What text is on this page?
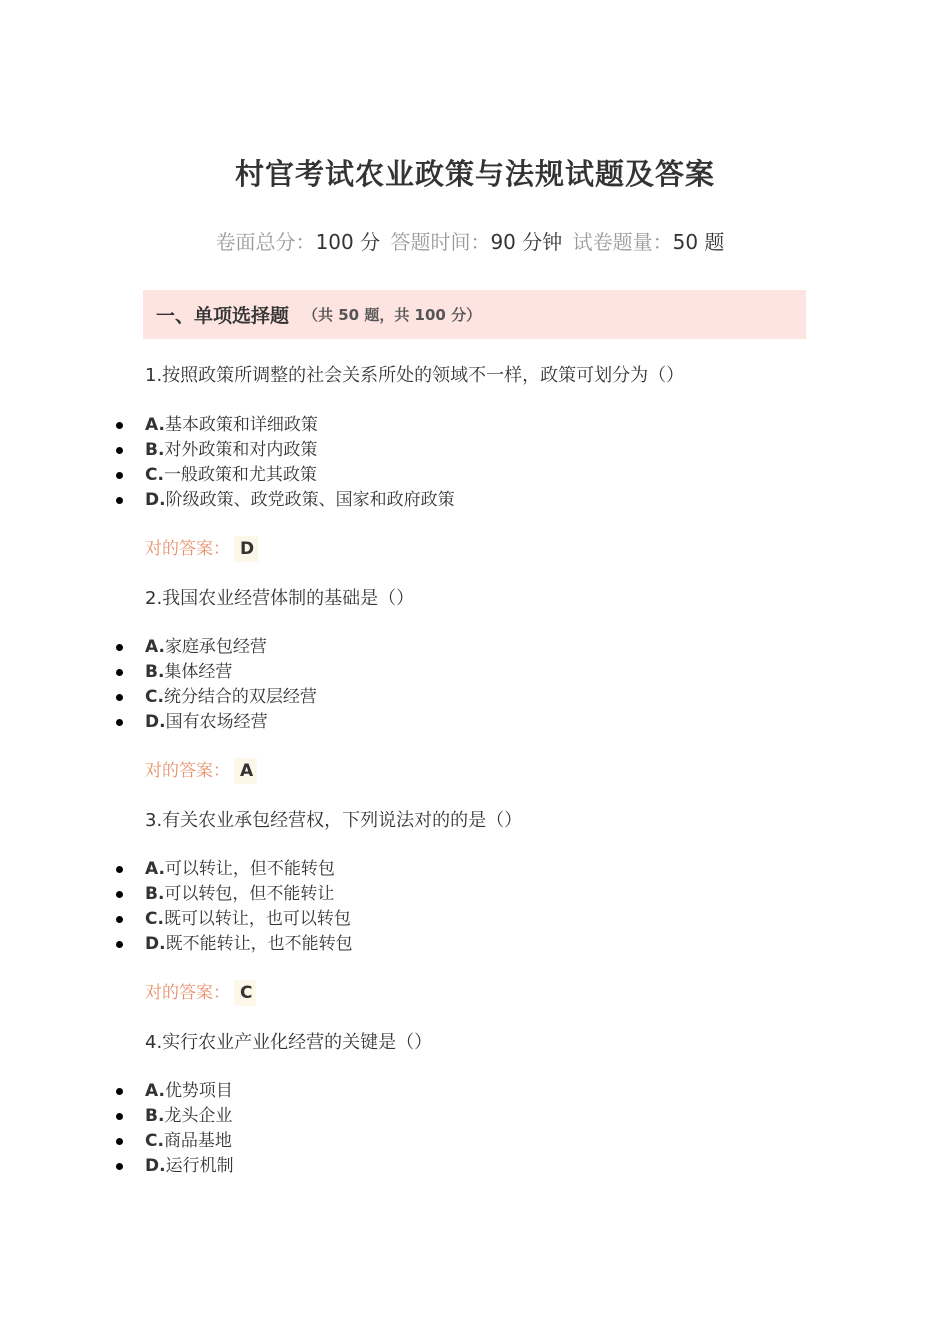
村官考试农业政策与法规试题及答案
卷面总分：100 分 答题时间：90 分钟 试卷题量：50 题
一、单项选择题 （共 50 题，共 100 分）
1.按照政策所调整的社会关系所处的领域不一样，政策可划分为（）
A.基本政策和详细政策
B.对外政策和对内政策
C.一般政策和尤其政策
D.阶级政策、政党政策、国家和政府政策
对的答案： D
2.我国农业经营体制的基础是（）
A.家庭承包经营
B.集体经营
C.统分结合的双层经营
D.国有农场经营
对的答案： A
3.有关农业承包经营权，下列说法对的的是（）
A.可以转让，但不能转包
B.可以转包，但不能转让
C.既可以转让，也可以转包
D.既不能转让，也不能转包
对的答案： C
4.实行农业产业化经营的关键是（）
A.优势项目
B.龙头企业
C.商品基地
D.运行机制
